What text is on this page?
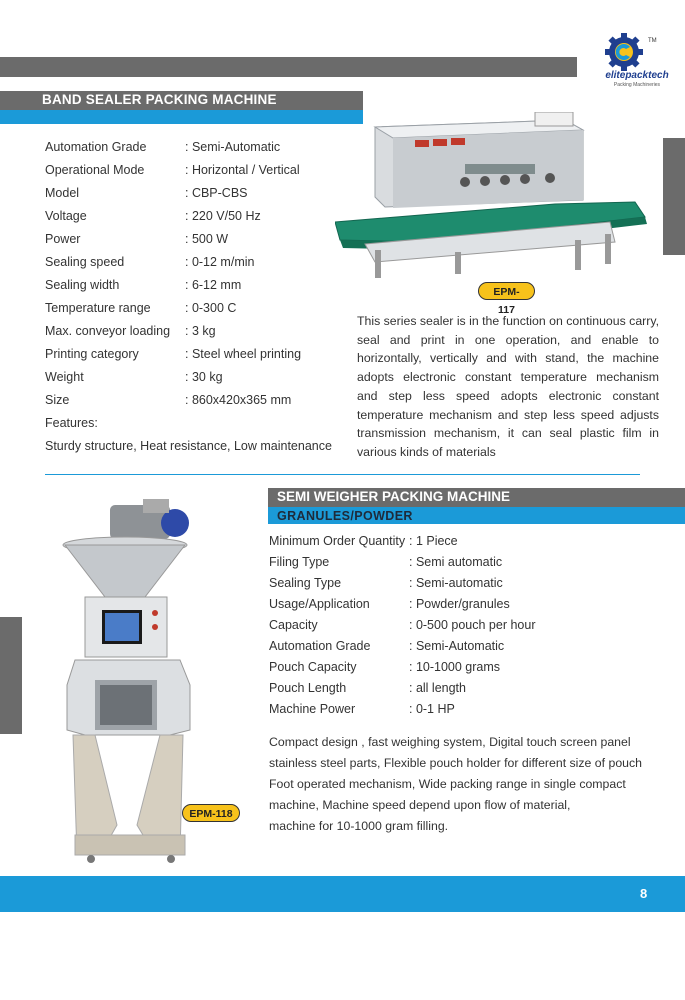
TM
elitepacktech
Packing Machineries
BAND SEALER PACKING MACHINE
Automation Grade	: Semi-Automatic
Operational Mode	: Horizontal / Vertical
Model	: CBP-CBS
Voltage	: 220 V/50 Hz
Power	: 500 W
Sealing speed	: 0-12 m/min
Sealing width	: 6-12 mm
Temperature range	: 0-300 C
Max. conveyor loading : 3 kg
Printing category	: Steel wheel printing
Weight	: 30 kg
Size	: 860x420x365 mm
Features:
Sturdy structure, Heat resistance, Low maintenance
EPM-117
This series sealer is in the function on continuous carry, seal and print in one operation, and enable to horizontally, vertically and with stand, the machine adopts electronic constant temperature mechanism and step less speed adopts electronic constant temperature mechanism and step less speed adjusts transmission mechanism, it can seal plastic film in various kinds of materials
SEMI WEIGHER PACKING MACHINE
GRANULES/POWDER
EPM-118
Minimum Order Quantity : 1 Piece
Filing Type	: Semi automatic
Sealing Type	: Semi-automatic
Usage/Application	: Powder/granules
Capacity	: 0-500 pouch per hour
Automation Grade	: Semi-Automatic
Pouch Capacity	: 10-1000 grams
Pouch Length	: all length
Machine Power	: 0-1 HP
Compact design , fast weighing system, Digital touch screen panel
stainless steel parts, Flexible pouch holder for different size of pouch
Foot operated mechanism, Wide packing range in single compact
machine, Machine speed depend upon flow of material,
machine for 10-1000 gram filling.
8
